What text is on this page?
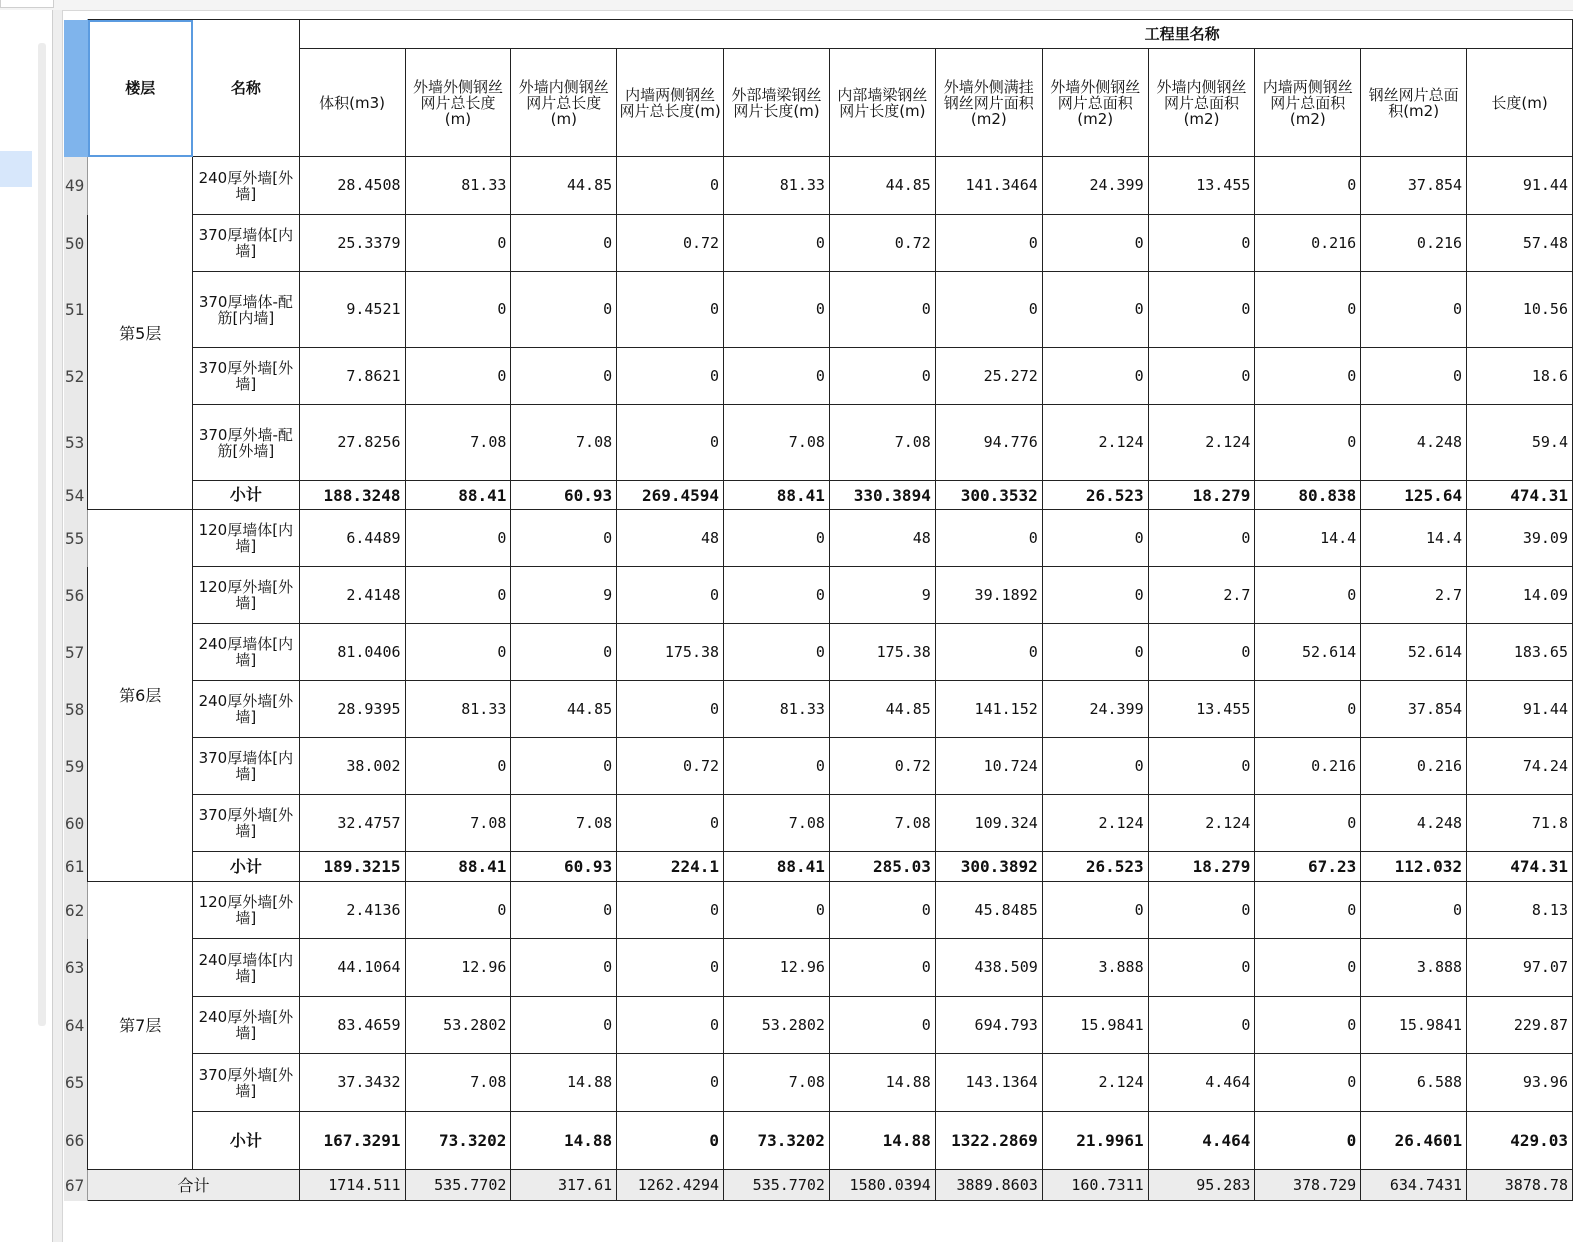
	楼层	名称	工程里名称											
			体积(m3)	外墙外侧钢丝网片总长度(m)	外墙内侧钢丝网片总长度(m)	内墙两侧钢丝网片总长度(m)	外部墙梁钢丝网片长度(m)	内部墙梁钢丝网片长度(m)	外墙外侧满挂钢丝网片面积(m2)	外墙外侧钢丝网片总面积(m2)	外墙内侧钢丝网片总面积(m2)	内墙两侧钢丝网片总面积(m2)	钢丝网片总面积(m2)	长度(m)
49	第5层	240厚外墙[外墙]	28.4508	81.33	44.85	0	81.33	44.85	141.3464	24.399	13.455	0	37.854	91.44
50		370厚墙体[内墙]	25.3379	0	0	0.72	0	0.72	0	0	0	0.216	0.216	57.48
51		370厚墙体-配筋[内墙]	9.4521	0	0	0	0	0	0	0	0	0	0	10.56
52		370厚外墙[外墙]	7.8621	0	0	0	0	0	25.272	0	0	0	0	18.6
53		370厚外墙-配筋[外墙]	27.8256	7.08	7.08	0	7.08	7.08	94.776	2.124	2.124	0	4.248	59.4
54		小计	188.3248	88.41	60.93	269.4594	88.41	330.3894	300.3532	26.523	18.279	80.838	125.64	474.31
55	第6层	120厚墙体[内墙]	6.4489	0	0	48	0	48	0	0	0	14.4	14.4	39.09
56		120厚外墙[外墙]	2.4148	0	9	0	0	9	39.1892	0	2.7	0	2.7	14.09
57		240厚墙体[内墙]	81.0406	0	0	175.38	0	175.38	0	0	0	52.614	52.614	183.65
58		240厚外墙[外墙]	28.9395	81.33	44.85	0	81.33	44.85	141.152	24.399	13.455	0	37.854	91.44
59		370厚墙体[内墙]	38.002	0	0	0.72	0	0.72	10.724	0	0	0.216	0.216	74.24
60		370厚外墙[外墙]	32.4757	7.08	7.08	0	7.08	7.08	109.324	2.124	2.124	0	4.248	71.8
61		小计	189.3215	88.41	60.93	224.1	88.41	285.03	300.3892	26.523	18.279	67.23	112.032	474.31
62	第7层	120厚外墙[外墙]	2.4136	0	0	0	0	0	45.8485	0	0	0	0	8.13
63		240厚墙体[内墙]	44.1064	12.96	0	0	12.96	0	438.509	3.888	0	0	3.888	97.07
64		240厚外墙[外墙]	83.4659	53.2802	0	0	53.2802	0	694.793	15.9841	0	0	15.9841	229.87
65		370厚外墙[外墙]	37.3432	7.08	14.88	0	7.08	14.88	143.1364	2.124	4.464	0	6.588	93.96
66		小计	167.3291	73.3202	14.88	0	73.3202	14.88	1322.2869	21.9961	4.464	0	26.4601	429.03
67	合计		1714.511	535.7702	317.61	1262.4294	535.7702	1580.0394	3889.8603	160.7311	95.283	378.729	634.7431	3878.78
